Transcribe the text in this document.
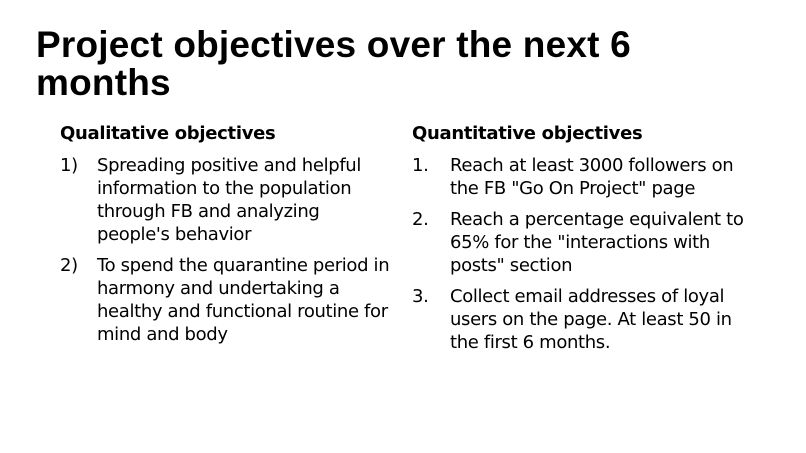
Project objectives over the next 6 months
Qualitative objectives
1) Spreading positive and helpful information to the population through FB and analyzing people's behavior
2) To spend the quarantine period in harmony and undertaking a healthy and functional routine for mind and body
Quantitative objectives
1. Reach at least 3000 followers on the FB "Go On Project" page
2. Reach a percentage equivalent to 65% for the "interactions with posts" section
3. Collect email addresses of loyal users on the page. At least 50 in the first 6 months.
